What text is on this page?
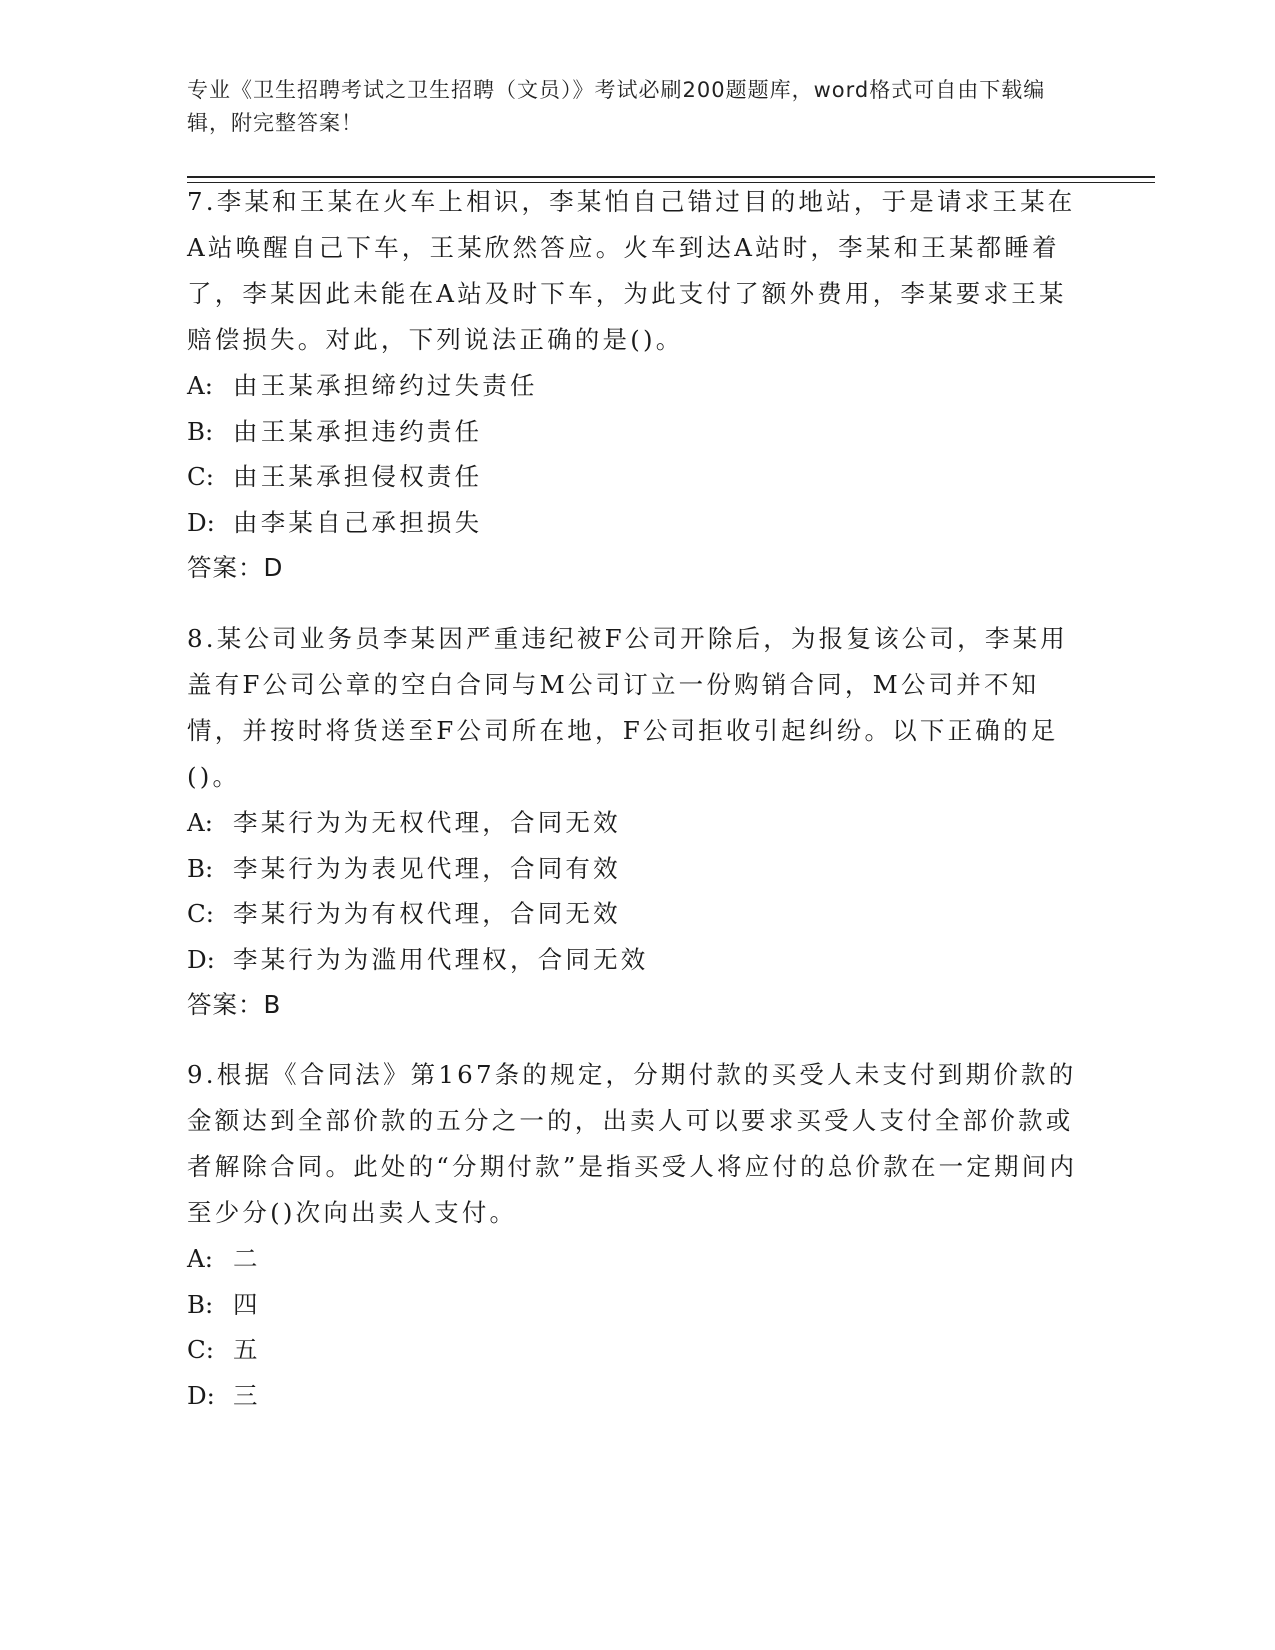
专业《卫生招聘考试之卫生招聘（文员）》考试必刷200题题库，word格式可自由下载编辑，附完整答案！

7.李某和王某在火车上相识，李某怕自己错过目的地站，于是请求王某在A站唤醒自己下车，王某欣然答应。火车到达A站时，李某和王某都睡着了，李某因此未能在A站及时下车，为此支付了额外费用，李某要求王某赔偿损失。对此，下列说法正确的是()。

A: 由王某承担缔约过失责任
B: 由王某承担违约责任
C: 由王某承担侵权责任
D: 由李某自己承担损失
答案：D

8.某公司业务员李某因严重违纪被F公司开除后，为报复该公司，李某用盖有F公司公章的空白合同与M公司订立一份购销合同，M公司并不知情，并按时将货送至F公司所在地，F公司拒收引起纠纷。以下正确的足()。

A: 李某行为为无权代理，合同无效
B: 李某行为为表见代理，合同有效
C: 李某行为为有权代理，合同无效
D: 李某行为为滥用代理权，合同无效
答案：B

9.根据《合同法》第167条的规定，分期付款的买受人未支付到期价款的金额达到全部价款的五分之一的，出卖人可以要求买受人支付全部价款或者解除合同。此处的“分期付款”是指买受人将应付的总价款在一定期间内至少分()次向出卖人支付。

A: 二
B: 四
C: 五
D: 三
